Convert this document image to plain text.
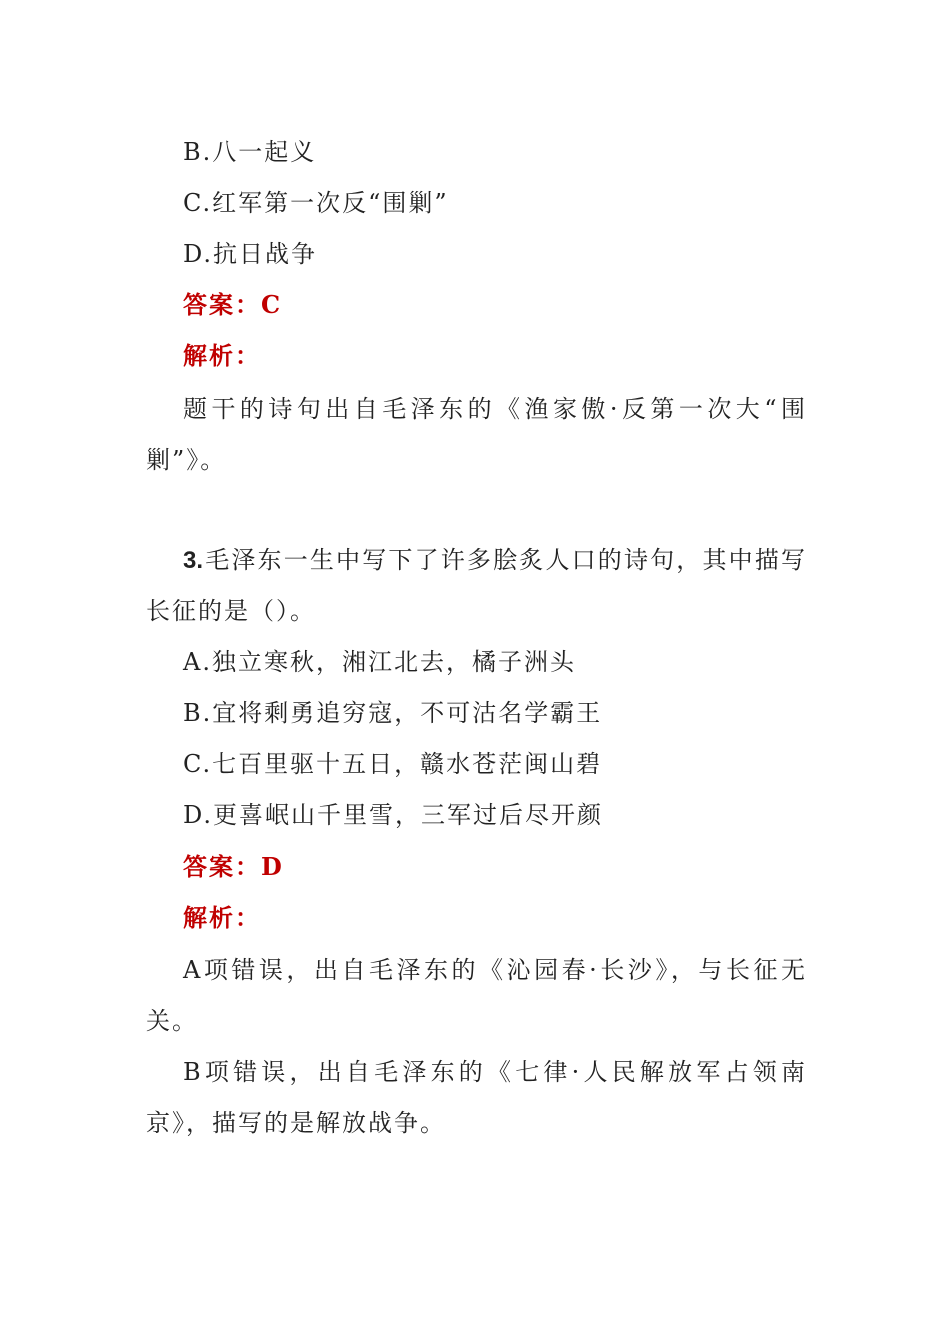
B.八一起义
C.红军第一次反“围剿”
D.抗日战争
答案：C
解析：
题干的诗句出自毛泽东的《渔家傲·反第一次大“围
剿”》。
3.毛泽东一生中写下了许多脍炙人口的诗句，其中描写
长征的是（）。
A.独立寒秋，湘江北去，橘子洲头
B.宜将剩勇追穷寇，不可沽名学霸王
C.七百里驱十五日，赣水苍茫闽山碧
D.更喜岷山千里雪，三军过后尽开颜
答案：D
解析：
A项错误，出自毛泽东的《沁园春·长沙》，与长征无
关。
B项错误，出自毛泽东的《七律·人民解放军占领南
京》，描写的是解放战争。
